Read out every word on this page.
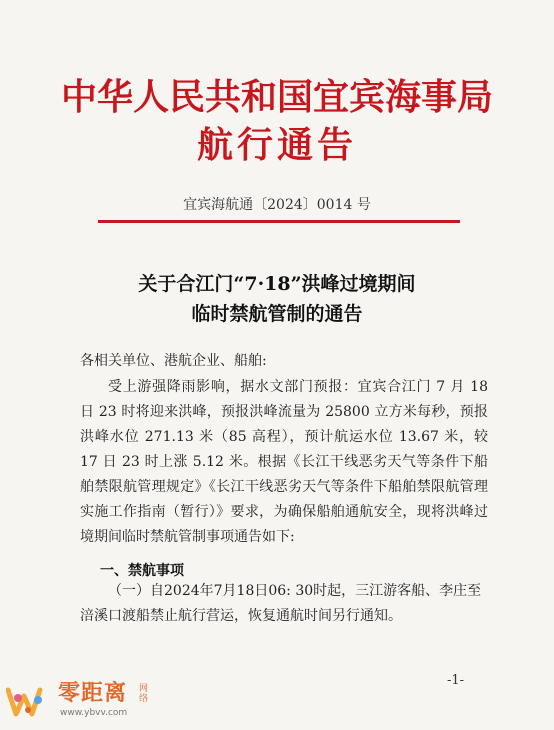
中华人民共和国宜宾海事局
航行通告
宜宾海航通〔2024〕0014 号
关于合江门“7·18”洪峰过境期间
临时禁航管制的通告
各相关单位、港航企业、船舶:
受上游强降雨影响，据水文部门预报：宜宾合江门 7 月 18 日 23 时将迎来洪峰，预报洪峰流量为 25800 立方米每秒，预报洪峰水位 271.13 米（85 高程），预计航运水位 13.67 米，较 17 日 23 时上涨 5.12 米。根据《长江干线恶劣天气等条件下船舶禁限航管理规定》《长江干线恶劣天气等条件下船舶禁限航管理实施工作指南（暂行）》要求，为确保船舶通航安全，现将洪峰过境期间临时禁航管制事项通告如下:
一、禁航事项
（一）自2024年7月18日06: 30时起，三江游客船、李庄至涪溪口渡船禁止航行营运，恢复通航时间另行通知。
-1-
零距离 网络
www.ybvv.com
